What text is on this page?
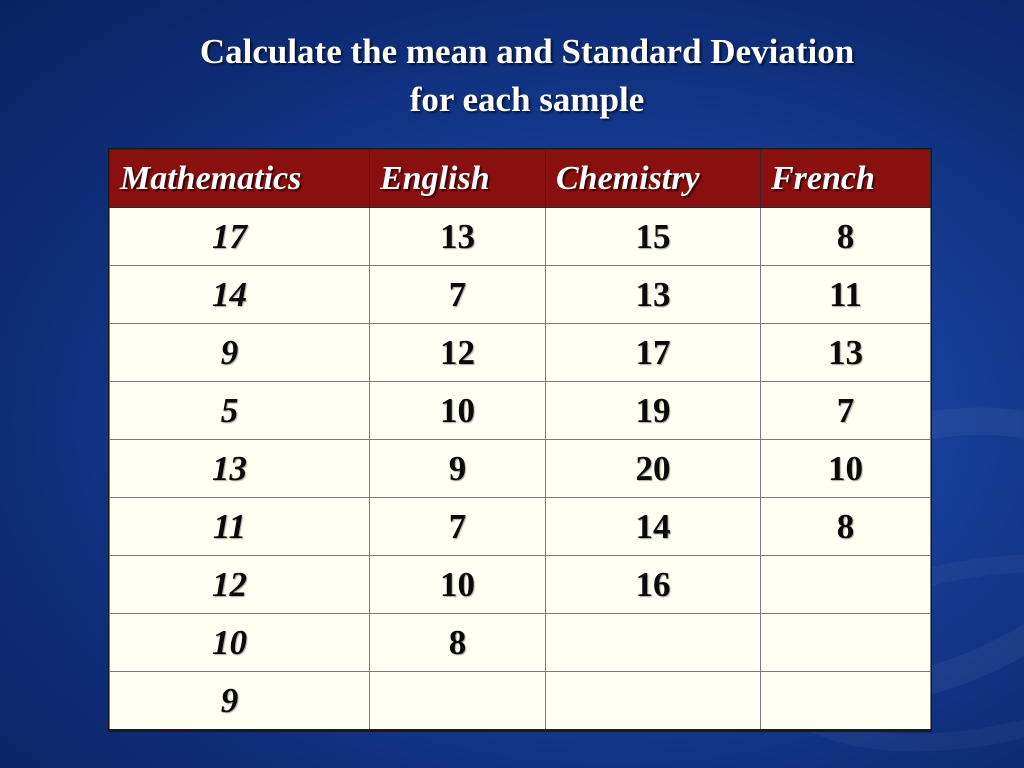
Calculate the mean and Standard Deviation
for each sample
Mathematics	English	Chemistry	French
17	13	15	8
14	7	13	11
9	12	17	13
5	10	19	7
13	9	20	10
11	7	14	8
12	10	16	
10	8		
9			
